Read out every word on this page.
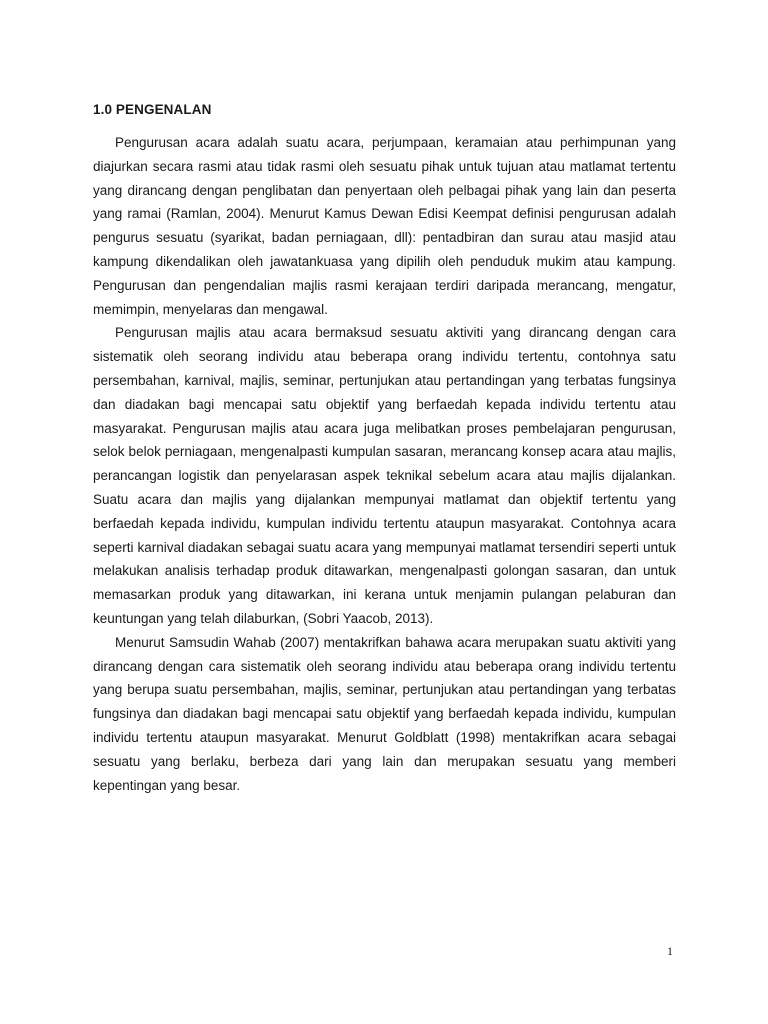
1.0 PENGENALAN

Pengurusan acara adalah suatu acara, perjumpaan, keramaian atau perhimpunan yang diajurkan secara rasmi atau tidak rasmi oleh sesuatu pihak untuk tujuan atau matlamat tertentu yang dirancang dengan penglibatan dan penyertaan oleh pelbagai pihak yang lain dan peserta yang ramai (Ramlan, 2004). Menurut Kamus Dewan Edisi Keempat definisi pengurusan adalah pengurus sesuatu (syarikat, badan perniagaan, dll): pentadbiran dan surau atau masjid atau kampung dikendalikan oleh jawatankuasa yang dipilih oleh penduduk mukim atau kampung. Pengurusan dan pengendalian majlis rasmi kerajaan terdiri daripada merancang, mengatur, memimpin, menyelaras dan mengawal.

Pengurusan majlis atau acara bermaksud sesuatu aktiviti yang dirancang dengan cara sistematik oleh seorang individu atau beberapa orang individu tertentu, contohnya satu persembahan, karnival, majlis, seminar, pertunjukan atau pertandingan yang terbatas fungsinya dan diadakan bagi mencapai satu objektif yang berfaedah kepada individu tertentu atau masyarakat. Pengurusan majlis atau acara juga melibatkan proses pembelajaran pengurusan, selok belok perniagaan, mengenalpasti kumpulan sasaran, merancang konsep acara atau majlis, perancangan logistik dan penyelarasan aspek teknikal sebelum acara atau majlis dijalankan. Suatu acara dan majlis yang dijalankan mempunyai matlamat dan objektif tertentu yang berfaedah kepada individu, kumpulan individu tertentu ataupun masyarakat. Contohnya acara seperti karnival diadakan sebagai suatu acara yang mempunyai matlamat tersendiri seperti untuk melakukan analisis terhadap produk ditawarkan, mengenalpasti golongan sasaran, dan untuk memasarkan produk yang ditawarkan, ini kerana untuk menjamin pulangan pelaburan dan keuntungan yang telah dilaburkan, (Sobri Yaacob, 2013).

Menurut Samsudin Wahab (2007) mentakrifkan bahawa acara merupakan suatu aktiviti yang dirancang dengan cara sistematik oleh seorang individu atau beberapa orang individu tertentu yang berupa suatu persembahan, majlis, seminar, pertunjukan atau pertandingan yang terbatas fungsinya dan diadakan bagi mencapai satu objektif yang berfaedah kepada individu, kumpulan individu tertentu ataupun masyarakat. Menurut Goldblatt (1998) mentakrifkan acara sebagai sesuatu yang berlaku, berbeza dari yang lain dan merupakan sesuatu yang memberi kepentingan yang besar.

1
